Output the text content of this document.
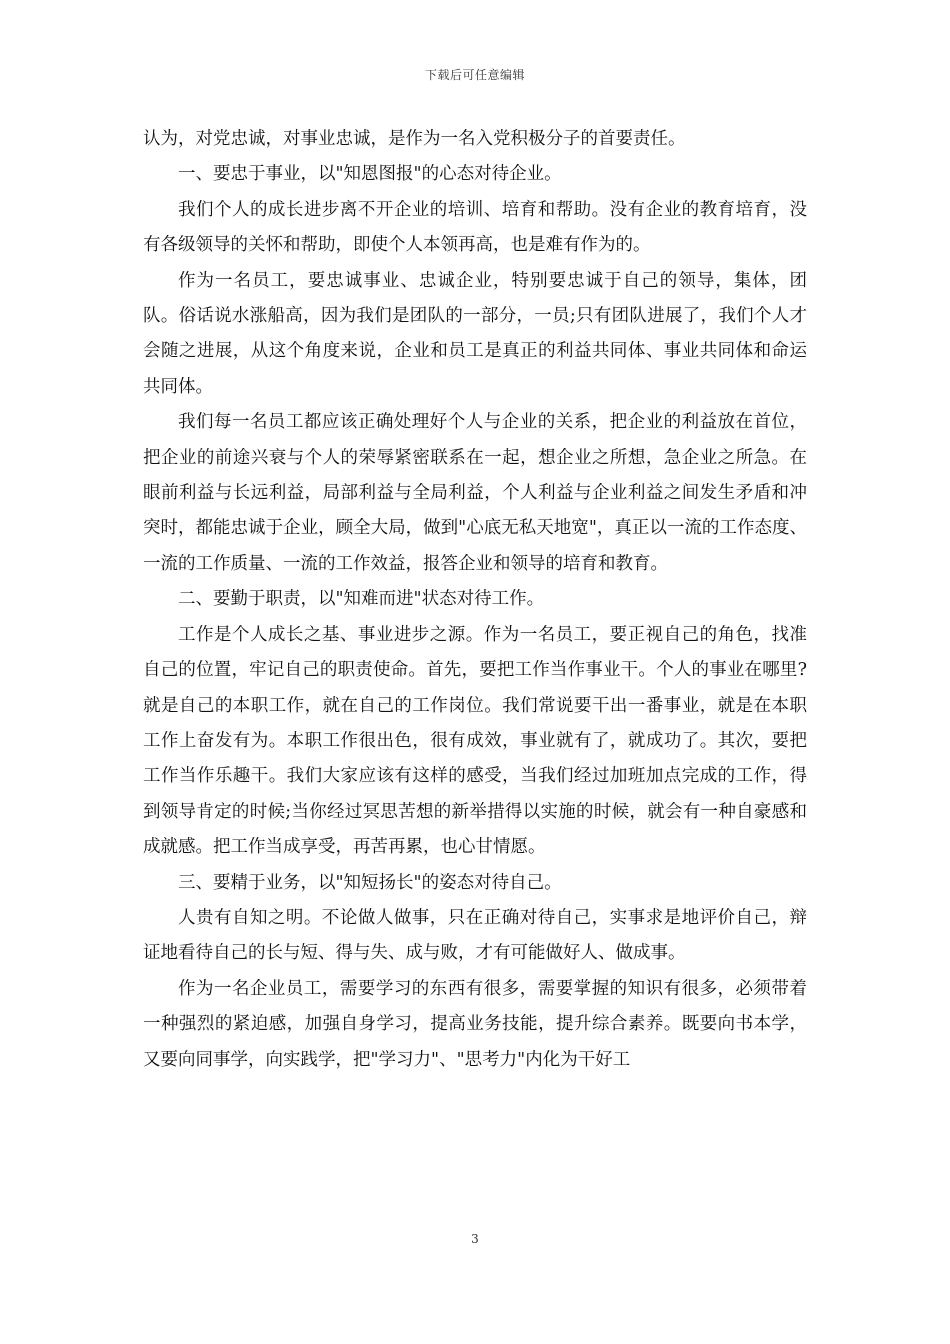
下载后可任意编辑

认为，对党忠诚，对事业忠诚，是作为一名入党积极分子的首要责任。

一、要忠于事业，以"知恩图报"的心态对待企业。

我们个人的成长进步离不开企业的培训、培育和帮助。没有企业的教育培育，没有各级领导的关怀和帮助，即使个人本领再高，也是难有作为的。

作为一名员工，要忠诚事业、忠诚企业，特别要忠诚于自己的领导，集体，团队。俗话说水涨船高，因为我们是团队的一部分，一员;只有团队进展了，我们个人才会随之进展，从这个角度来说，企业和员工是真正的利益共同体、事业共同体和命运共同体。

我们每一名员工都应该正确处理好个人与企业的关系，把企业的利益放在首位，把企业的前途兴衰与个人的荣辱紧密联系在一起，想企业之所想，急企业之所急。在眼前利益与长远利益，局部利益与全局利益，个人利益与企业利益之间发生矛盾和冲突时，都能忠诚于企业，顾全大局，做到"心底无私天地宽"，真正以一流的工作态度、一流的工作质量、一流的工作效益，报答企业和领导的培育和教育。

二、要勤于职责，以"知难而进"状态对待工作。

工作是个人成长之基、事业进步之源。作为一名员工，要正视自己的角色，找准自己的位置，牢记自己的职责使命。首先，要把工作当作事业干。个人的事业在哪里?就是自己的本职工作，就在自己的工作岗位。我们常说要干出一番事业，就是在本职工作上奋发有为。本职工作很出色，很有成效，事业就有了，就成功了。其次，要把工作当作乐趣干。我们大家应该有这样的感受，当我们经过加班加点完成的工作，得到领导肯定的时候;当你经过冥思苦想的新举措得以实施的时候，就会有一种自豪感和成就感。把工作当成享受，再苦再累，也心甘情愿。

三、要精于业务，以"知短扬长"的姿态对待自己。

人贵有自知之明。不论做人做事，只在正确对待自己，实事求是地评价自己，辩证地看待自己的长与短、得与失、成与败，才有可能做好人、做成事。

作为一名企业员工，需要学习的东西有很多，需要掌握的知识有很多，必须带着一种强烈的紧迫感，加强自身学习，提高业务技能，提升综合素养。既要向书本学，又要向同事学，向实践学，把"学习力"、"思考力"内化为干好工

3
